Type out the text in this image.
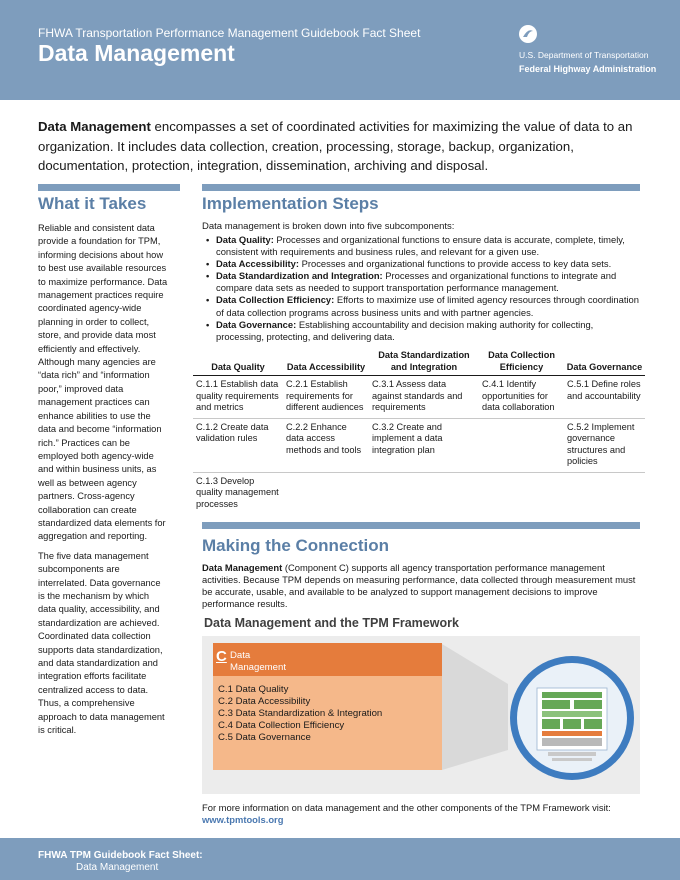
FHWA Transportation Performance Management Guidebook Fact Sheet
Data Management	U.S. Department of Transportation
Federal Highway Administration
Data Management encompasses a set of coordinated activities for maximizing the value of data to an organization. It includes data collection, creation, processing, storage, backup, organization, documentation, protection, integration, dissemination, archiving and disposal.
What it Takes

Reliable and consistent data provide a foundation for TPM, informing decisions about how to best use available resources to maximize performance. Data management practices require coordinated agency-wide planning in order to collect, store, and provide data most efficiently and effectively. Although many agencies are “data rich” and “information poor,” improved data management practices can enhance abilities to use the data and become “information rich.” Practices can be employed both agency-wide and within business units, as well as between agency partners. Cross-agency collaboration can create standardized data elements for aggregation and reporting.

The five data management subcomponents are interrelated. Data governance is the mechanism by which data quality, accessibility, and standardization are achieved. Coordinated data collection supports data standardization, and data standardization and integration efforts facilitate centralized access to data. Thus, a comprehensive approach to data management is critical.

Implementation Steps
Data management is broken down into five subcomponents:
• Data Quality: Processes and organizational functions to ensure data is accurate, complete, timely, consistent with requirements and business rules, and relevant for a given use.
• Data Accessibility: Processes and organizational functions to provide access to key data sets.
• Data Standardization and Integration: Processes and organizational functions to integrate and compare data sets as needed to support transportation performance management.
• Data Collection Efficiency: Efforts to maximize use of limited agency resources through coordination of data collection programs across business units and with partner agencies.
• Data Governance: Establishing accountability and decision making authority for collecting, processing, protecting, and delivering data.
Data Quality	Data Accessibility	Data Standardization and Integration	Data Collection Efficiency	Data Governance
C.1.1 Establish data quality requirements and metrics	C.2.1 Establish requirements for different audiences	C.3.1 Assess data against standards and requirements	C.4.1 Identify opportunities for data collaboration	C.5.1 Define roles and accountability
C.1.2 Create data validation rules	C.2.2 Enhance data access methods and tools	C.3.2 Create and implement a data integration plan		C.5.2 Implement governance structures and policies
C.1.3 Develop quality management processes				
Making the Connection
Data Management (Component C) supports all agency transportation performance management activities. Because TPM depends on measuring performance, data collected through measurement must be accurate, usable, and available to be analyzed to support management decisions to improve performance results.
Data Management and the TPM Framework
C Data
Management
C.1 Data Quality
C.2 Data Accessibility
C.3 Data Standardization & Integration
C.4 Data Collection Efficiency
C.5 Data Governance
For more information on data management and the other components of the TPM Framework visit: www.tpmtools.org
FHWA TPM Guidebook Fact Sheet:
Data Management
